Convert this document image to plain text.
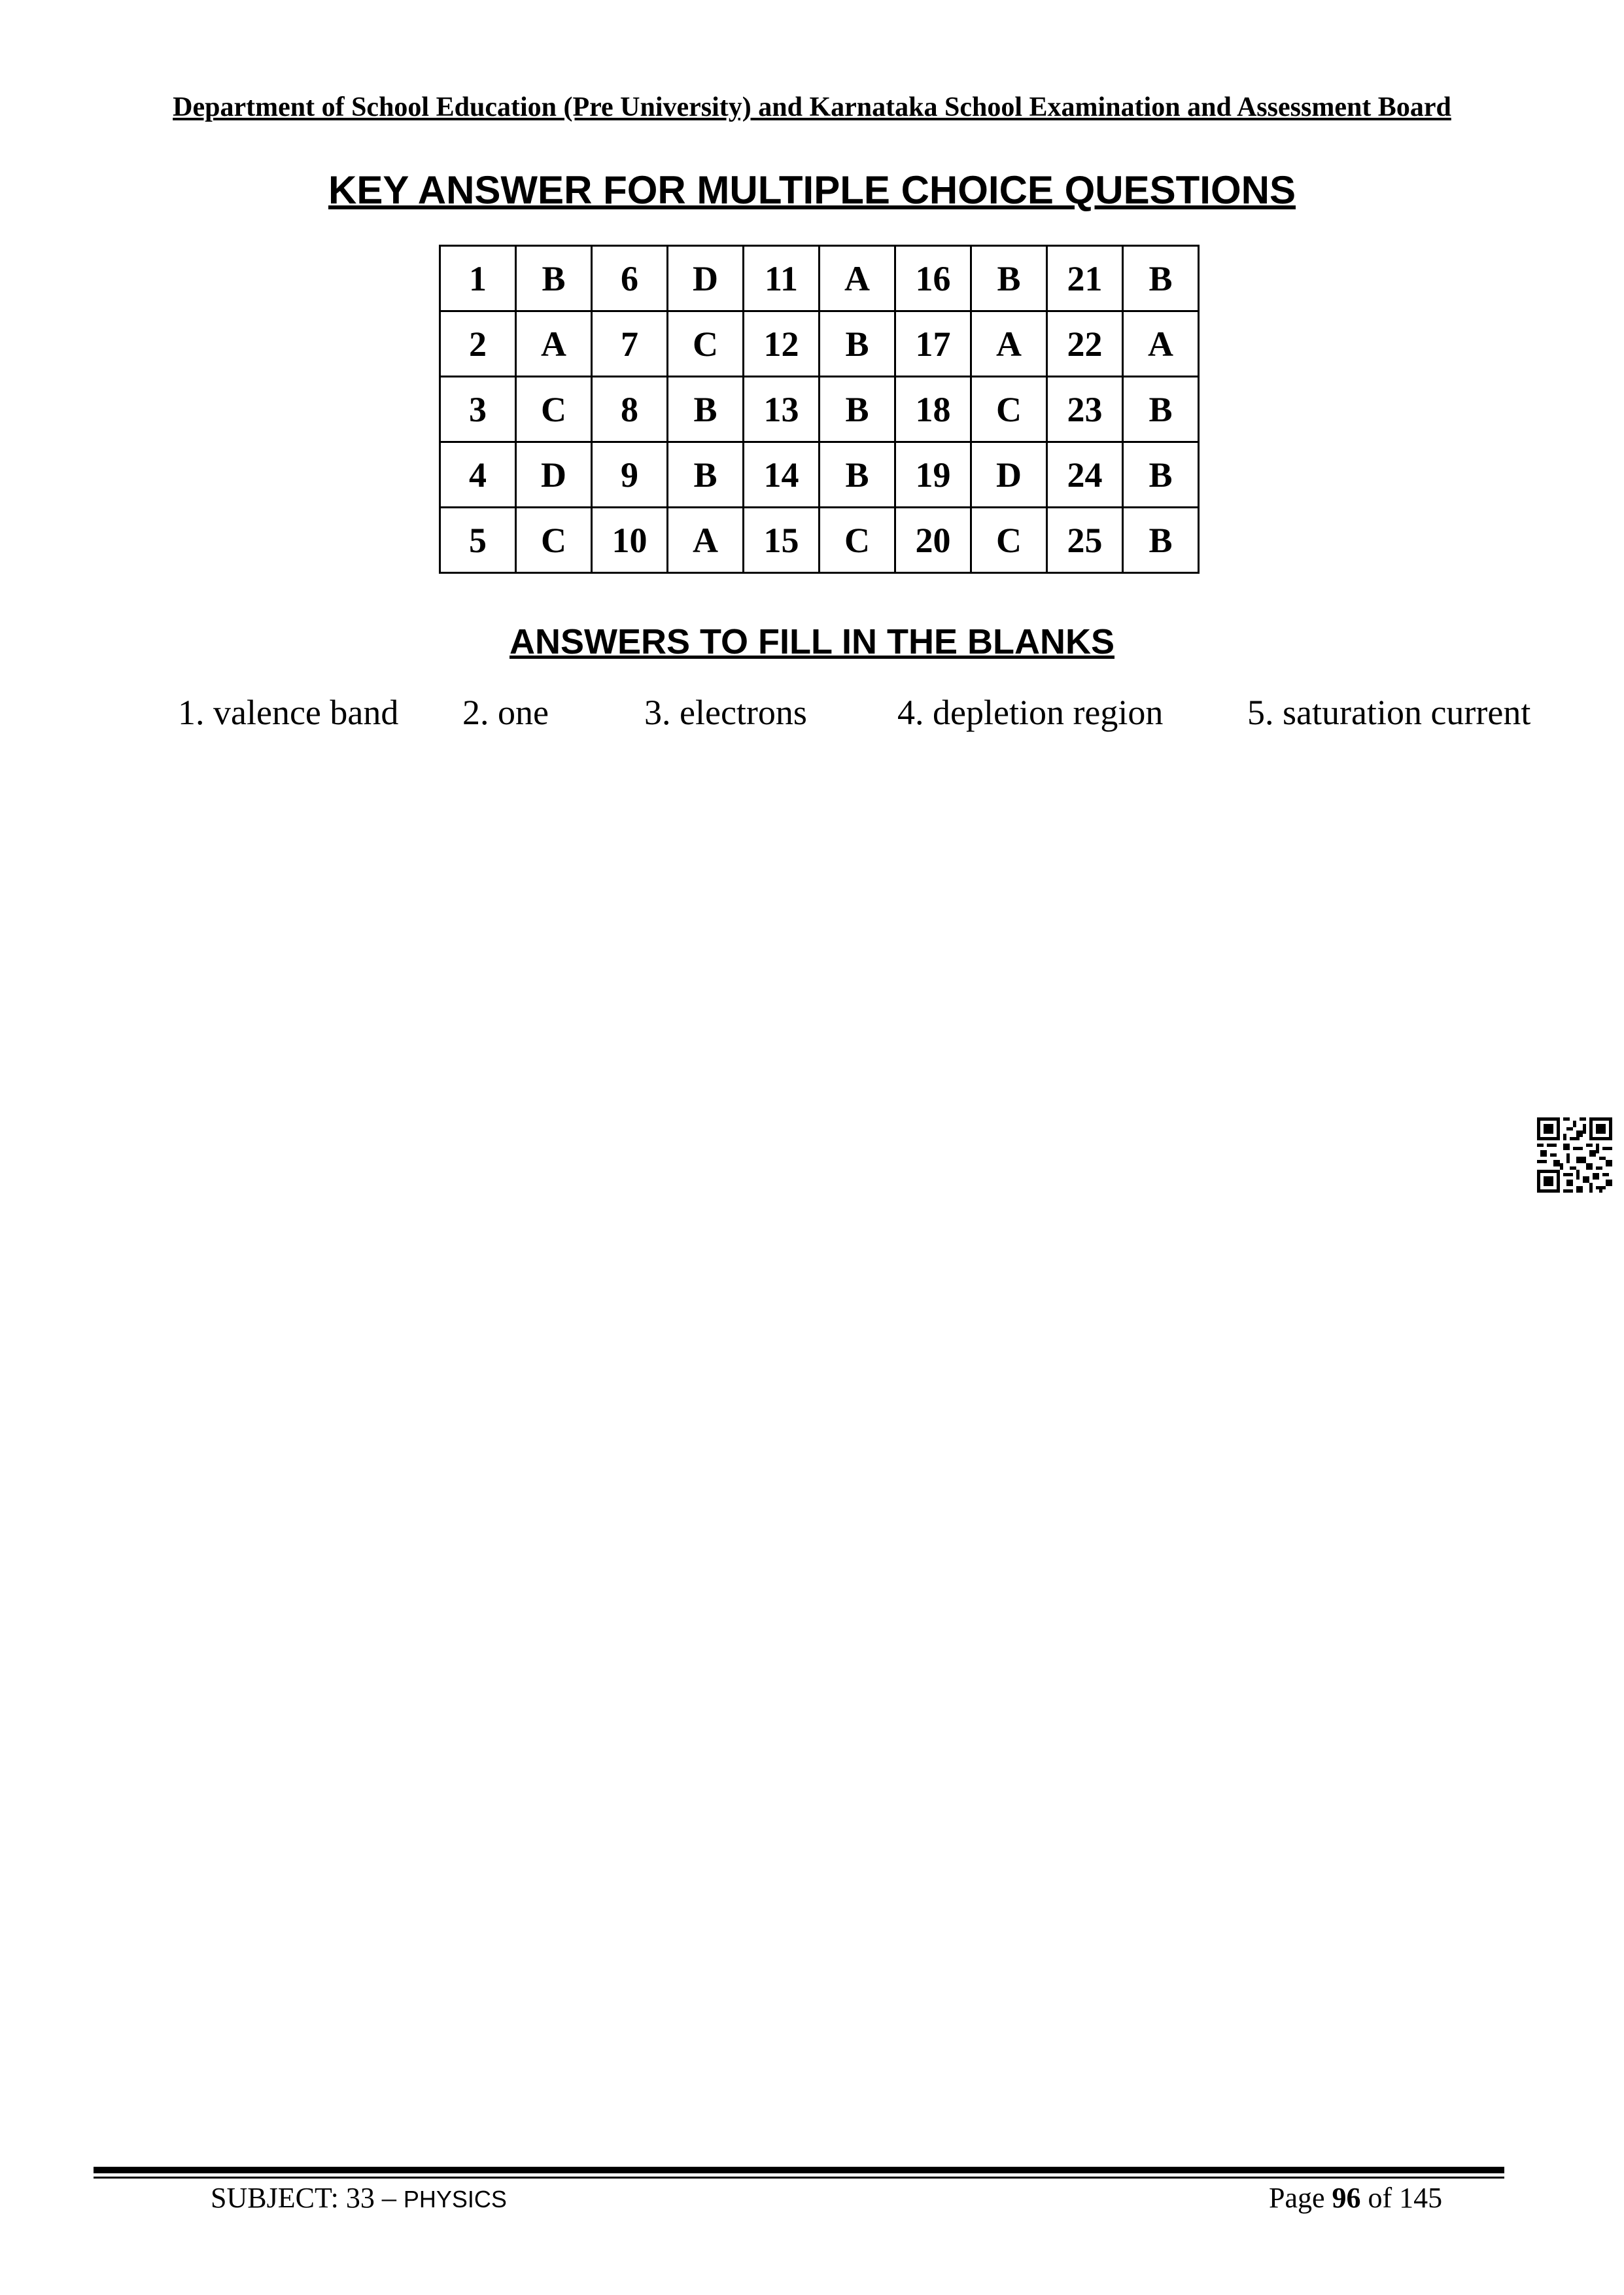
Department of School Education (Pre University) and Karnataka School Examination and Assessment Board
KEY ANSWER FOR MULTIPLE CHOICE QUESTIONS
1	B	6	D	11	A	16	B	21	B
2	A	7	C	12	B	17	A	22	A
3	C	8	B	13	B	18	C	23	B
4	D	9	B	14	B	19	D	24	B
5	C	10	A	15	C	20	C	25	B
ANSWERS TO FILL IN THE BLANKS
1. valence band 2. one	3. electrons	4. depletion region 5. saturation current
SUBJECT: 33 – PHYSICS	Page 96 of 145
